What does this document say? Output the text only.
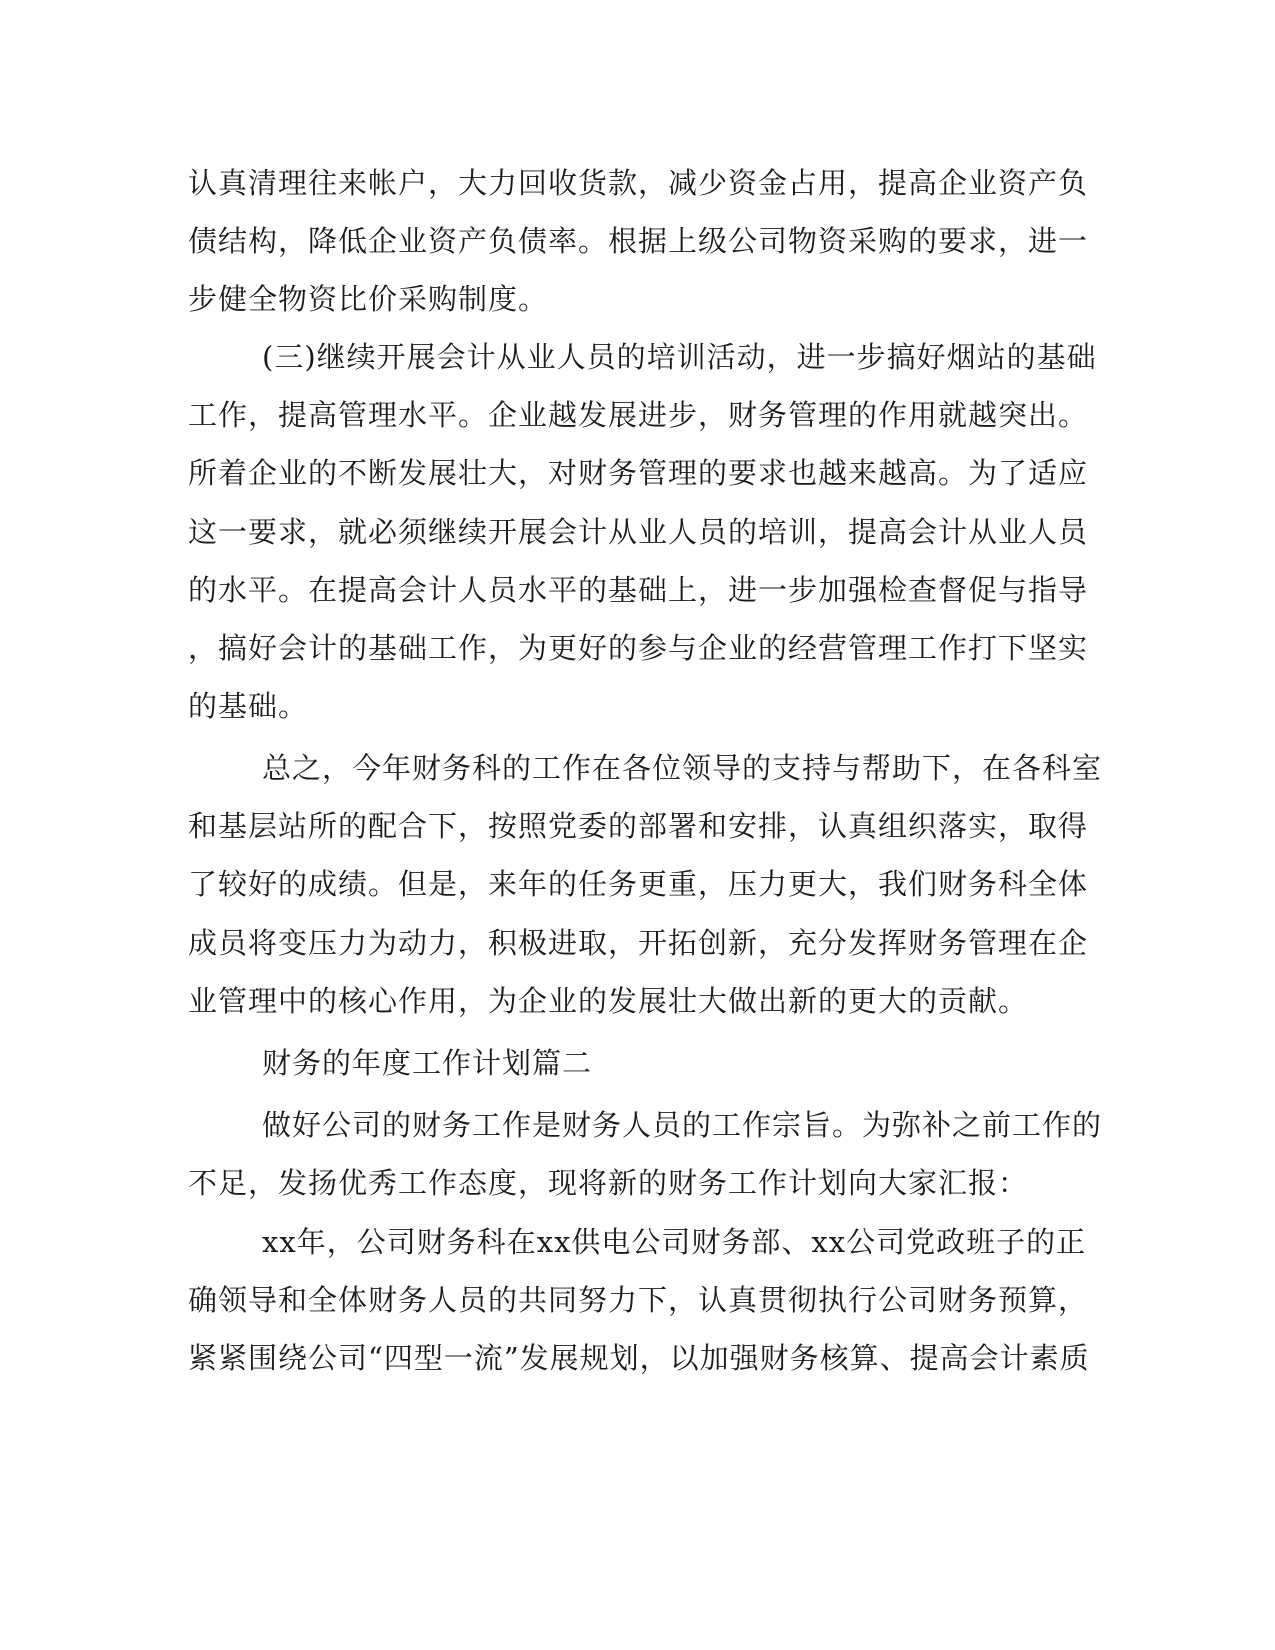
认真清理往来帐户，大力回收货款，减少资金占用，提高企业资产负
债结构，降低企业资产负债率。根据上级公司物资采购的要求，进一
步健全物资比价采购制度。
(三)继续开展会计从业人员的培训活动，进一步搞好烟站的基础
工作，提高管理水平。企业越发展进步，财务管理的作用就越突出。
所着企业的不断发展壮大，对财务管理的要求也越来越高。为了适应
这一要求，就必须继续开展会计从业人员的培训，提高会计从业人员
的水平。在提高会计人员水平的基础上，进一步加强检查督促与指导
，搞好会计的基础工作，为更好的参与企业的经营管理工作打下坚实
的基础。
总之，今年财务科的工作在各位领导的支持与帮助下，在各科室
和基层站所的配合下，按照党委的部署和安排，认真组织落实，取得
了较好的成绩。但是，来年的任务更重，压力更大，我们财务科全体
成员将变压力为动力，积极进取，开拓创新，充分发挥财务管理在企
业管理中的核心作用，为企业的发展壮大做出新的更大的贡献。
财务的年度工作计划篇二
做好公司的财务工作是财务人员的工作宗旨。为弥补之前工作的
不足，发扬优秀工作态度，现将新的财务工作计划向大家汇报：
xx年，公司财务科在xx供电公司财务部、xx公司党政班子的正
确领导和全体财务人员的共同努力下，认真贯彻执行公司财务预算，
紧紧围绕公司“四型一流”发展规划，以加强财务核算、提高会计素质
